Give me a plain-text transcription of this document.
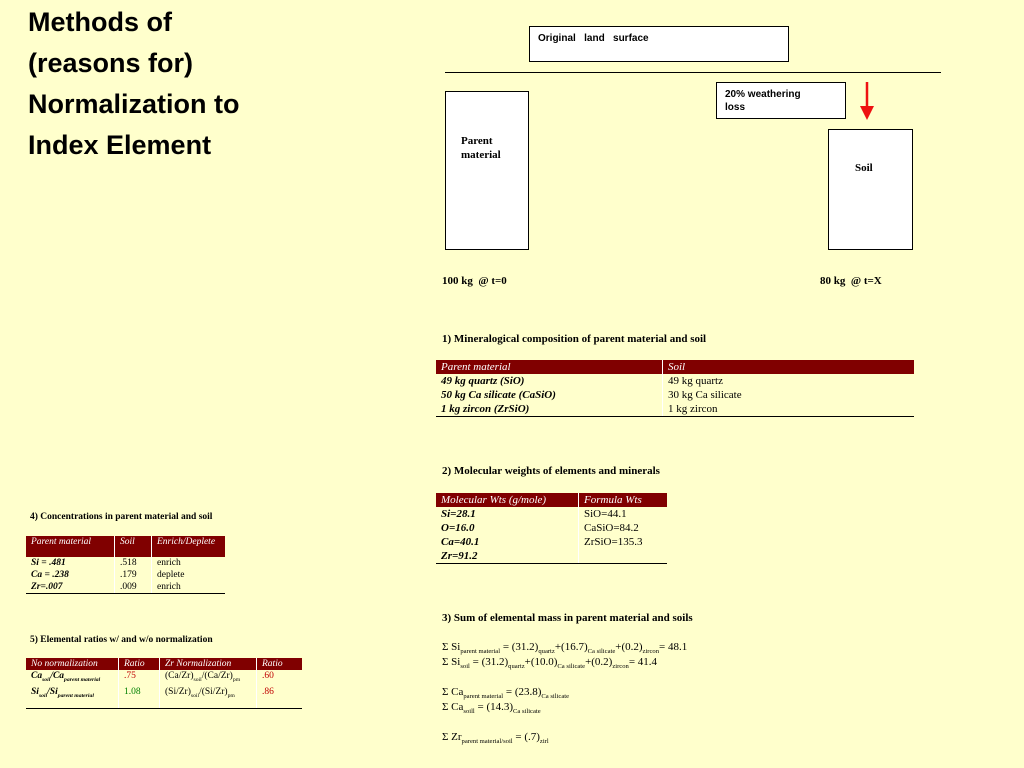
Methods of
(reasons for)
Normalization to
Index Element
Original   land   surface
20% weathering loss
Parent material
Soil
100 kg  @ t=0	80 kg  @ t=X
1) Mineralogical composition of parent material and soil
Parent material	Soil
49 kg quartz (SiO)	49 kg quartz
50 kg Ca silicate (CaSiO)	30 kg Ca silicate
1 kg zircon (ZrSiO)	1 kg zircon
2) Molecular weights of elements and minerals
Molecular Wts (g/mole)	Formula Wts
Si=28.1	SiO=44.1
O=16.0	CaSiO=84.2
Ca=40.1	ZrSiO=135.3
Zr=91.2	
3) Sum of elemental mass in parent material and soils
Σ $Si_{parent material} = (31.2)_{quartz}+(16.7)_{Ca silicate}+(0.2)_{zircon}= 48.1$
Σ $Si_{soil} = (31.2)_{quartz}+(10.0)_{Ca silicate}+(0.2)_{zircon}= 41.4$
Σ $Ca_{parent material} = (23.8)_{Ca silicate}$
Σ $Ca_{soill} = (14.3)_{Ca silicate}$
Σ $Zr_{parent material/soil} = (.7)_{zirl}$
4) Concentrations in parent material and soil
Parent material	Soil	Enrich/Deplete
Si = .481	.518	enrich
Ca = .238	.179	deplete
Zr=.007	.009	enrich
5) Elemental ratios w/ and w/o normalization
No normalization	Ratio	Zr Normalization	Ratio
$Ca_{soil}/Ca_{parent material}$	.75	$(Ca/Zr)_{soil}/(Ca/Zr)_{pm}$	.60
$Si_{soil}/Si_{parent material}$	1.08	$(Si/Zr)_{soil}/(Si/Zr)_{pm}$	.86
